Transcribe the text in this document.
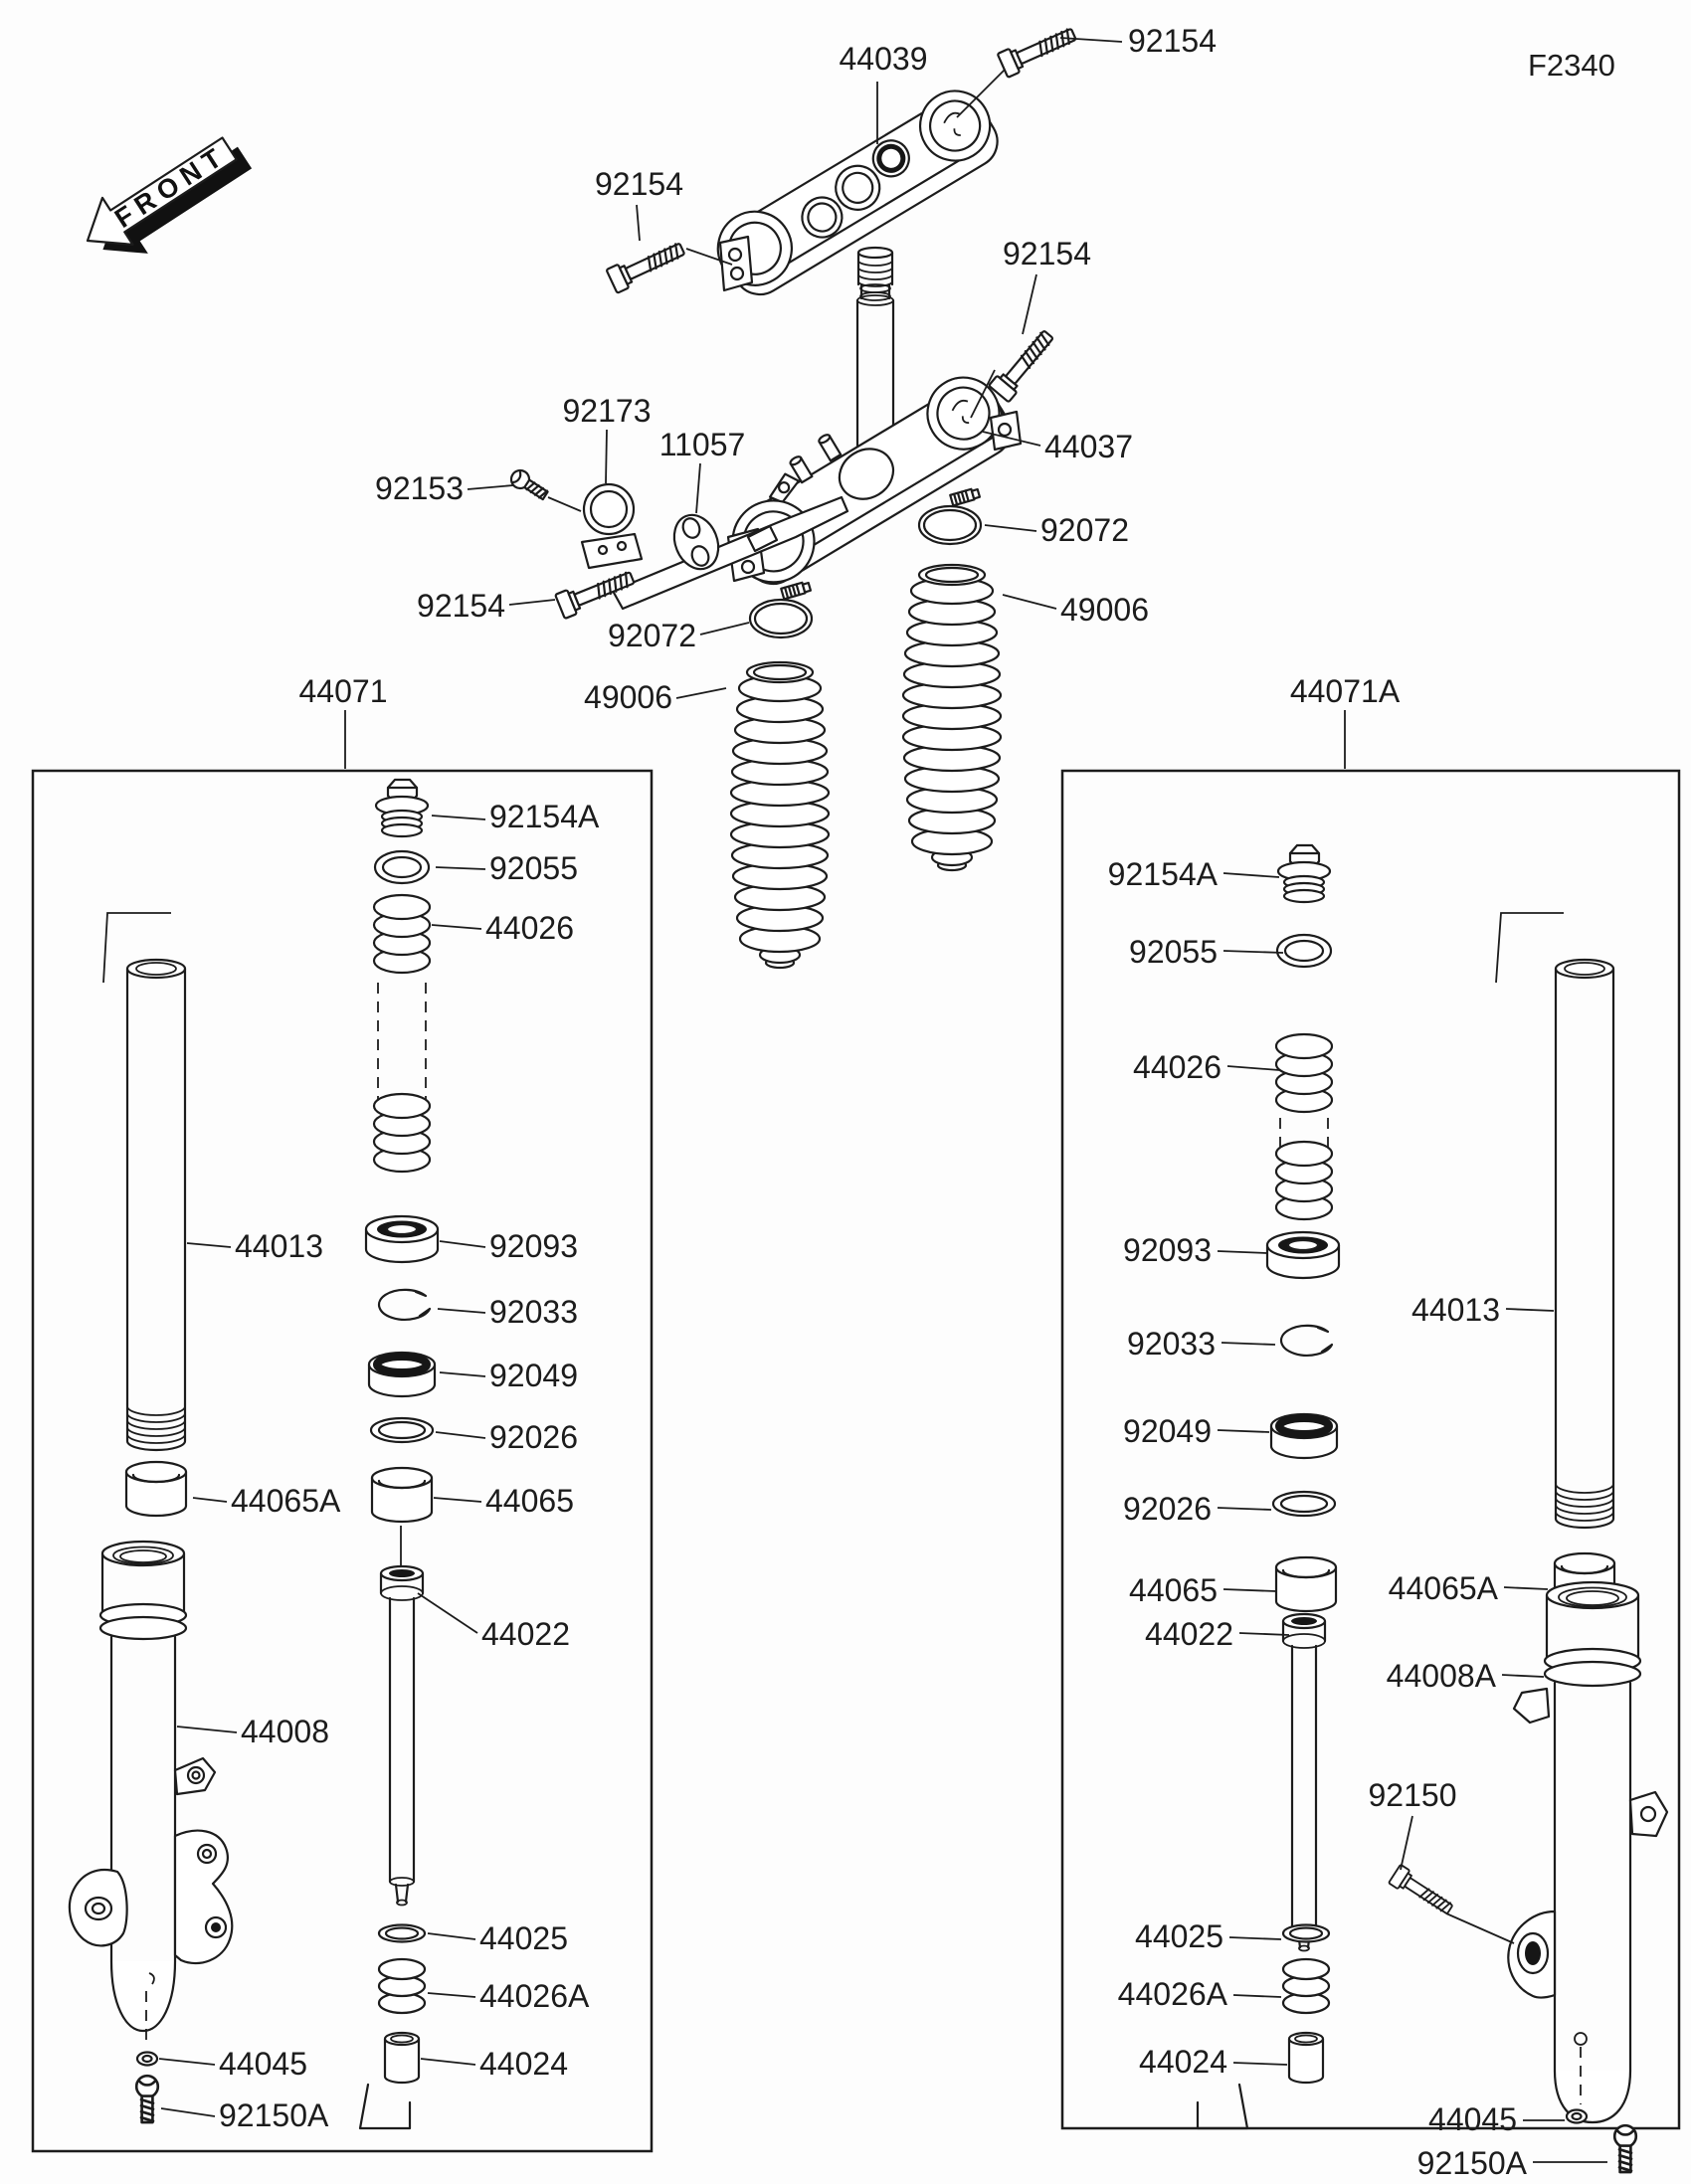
FRONT
F2340
44039	92154
92154
92154
44037
92173
11057
92153
92154
92072
49006
92072
49006
44071	44071A
92154A
92055
44026
92093
92033
92049
92026
44065
44065A
44013
44022
44008
44025
44026A
44024
44045
92150A
92154A
92055
44026
92093
92033
92049
92026
44065	44065A
44013
44022
44008A
92150
44025
44026A
44024
44045
92150A
